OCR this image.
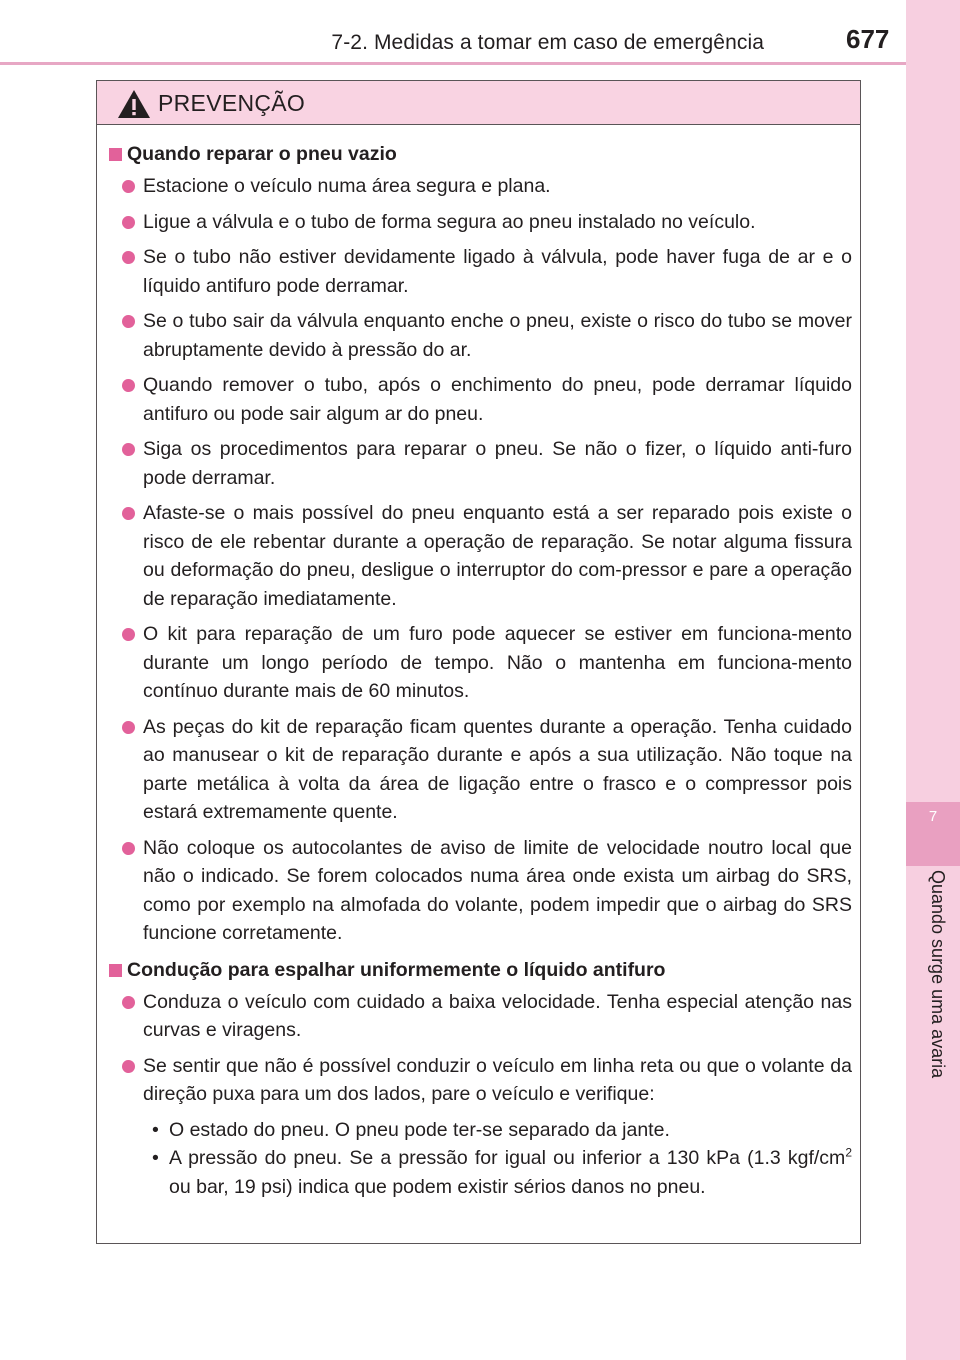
7-2. Medidas a tomar em caso de emergência	677
7
Quando surge uma avaria
PREVENÇÃO
Quando reparar o pneu vazio
Estacione o veículo numa área segura e plana.
Ligue a válvula e o tubo de forma segura ao pneu instalado no veículo.
Se o tubo não estiver devidamente ligado à válvula, pode haver fuga de ar e o líquido antifuro pode derramar.
Se o tubo sair da válvula enquanto enche o pneu, existe o risco do tubo se mover abruptamente devido à pressão do ar.
Quando remover o tubo, após o enchimento do pneu, pode derramar líquido antifuro ou pode sair algum ar do pneu.
Siga os procedimentos para reparar o pneu. Se não o fizer, o líquido anti-furo pode derramar.
Afaste-se o mais possível do pneu enquanto está a ser reparado pois existe o risco de ele rebentar durante a operação de reparação. Se notar alguma fissura ou deformação do pneu, desligue o interruptor do com-pressor e pare a operação de reparação imediatamente.
O kit para reparação de um furo pode aquecer se estiver em funciona-mento durante um longo período de tempo. Não o mantenha em funciona-mento contínuo durante mais de 60 minutos.
As peças do kit de reparação ficam quentes durante a operação. Tenha cuidado ao manusear o kit de reparação durante e após a sua utilização. Não toque na parte metálica à volta da área de ligação entre o frasco e o compressor pois estará extremamente quente.
Não coloque os autocolantes de aviso de limite de velocidade noutro local que não o indicado. Se forem colocados numa área onde exista um airbag do SRS, como por exemplo na almofada do volante, podem impedir que o airbag do SRS funcione corretamente.
Condução para espalhar uniformemente o líquido antifuro
Conduza o veículo com cuidado a baixa velocidade. Tenha especial atenção nas curvas e viragens.
Se sentir que não é possível conduzir o veículo em linha reta ou que o volante da direção puxa para um dos lados, pare o veículo e verifique:
• O estado do pneu. O pneu pode ter-se separado da jante.
• A pressão do pneu. Se a pressão for igual ou inferior a 130 kPa (1.3 kgf/$cm^2$ ou bar, 19 psi) indica que podem existir sérios danos no pneu.
